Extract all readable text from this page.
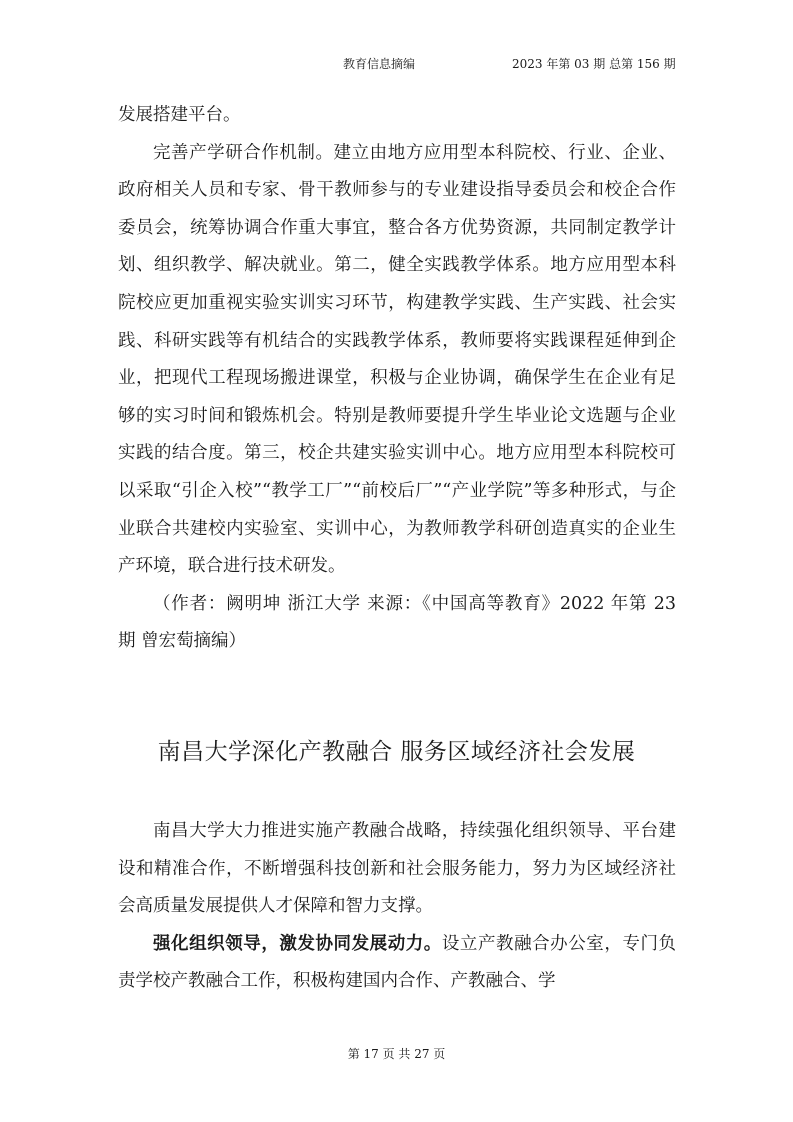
教育信息摘编	2023 年第 03 期 总第 156 期

发展搭建平台。

完善产学研合作机制。建立由地方应用型本科院校、行业、企业、政府相关人员和专家、骨干教师参与的专业建设指导委员会和校企合作委员会，统筹协调合作重大事宜，整合各方优势资源，共同制定教学计划、组织教学、解决就业。第二，健全实践教学体系。地方应用型本科院校应更加重视实验实训实习环节，构建教学实践、生产实践、社会实践、科研实践等有机结合的实践教学体系，教师要将实践课程延伸到企业，把现代工程现场搬进课堂，积极与企业协调，确保学生在企业有足够的实习时间和锻炼机会。特别是教师要提升学生毕业论文选题与企业实践的结合度。第三，校企共建实验实训中心。地方应用型本科院校可以采取“引企入校”“教学工厂”“前校后厂”“产业学院”等多种形式，与企业联合共建校内实验室、实训中心，为教师教学科研创造真实的企业生产环境，联合进行技术研发。

（作者：阙明坤 浙江大学 来源：《中国高等教育》2022 年第 23 期 曾宏萄摘编）

南昌大学深化产教融合 服务区域经济社会发展

南昌大学大力推进实施产教融合战略，持续强化组织领导、平台建设和精准合作，不断增强科技创新和社会服务能力，努力为区域经济社会高质量发展提供人才保障和智力支撑。

强化组织领导，激发协同发展动力。设立产教融合办公室，专门负责学校产教融合工作，积极构建国内合作、产教融合、学

第 17 页 共 27 页
